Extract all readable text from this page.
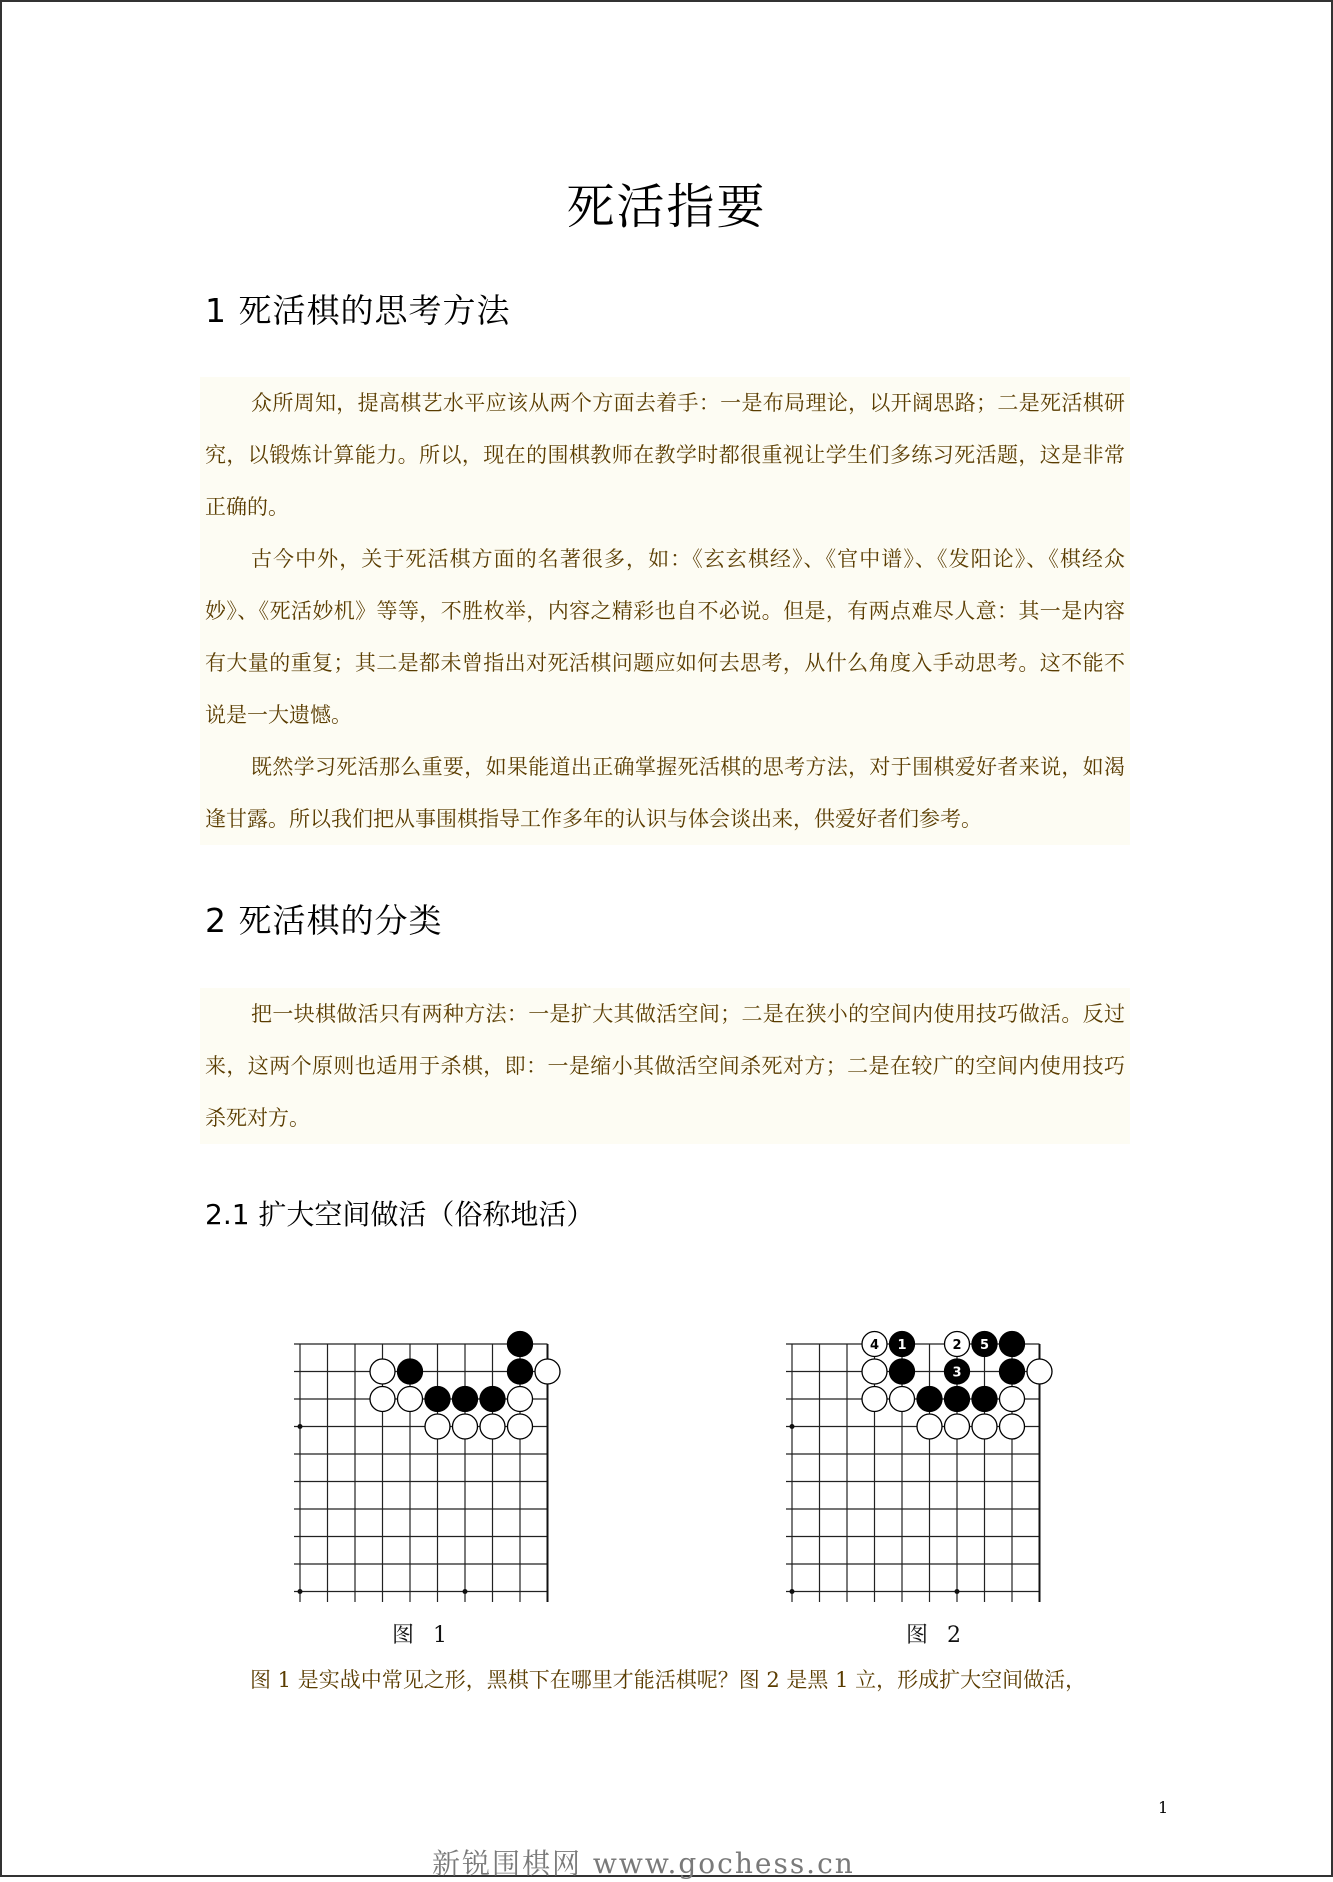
死活指要
1 死活棋的思考方法

众所周知，提高棋艺水平应该从两个方面去着手：一是布局理论，以开阔思路；二是死活棋研究，以锻炼计算能力。所以，现在的围棋教师在教学时都很重视让学生们多练习死活题，这是非常正确的。

古今中外，关于死活棋方面的名著很多，如：《玄玄棋经》、《官中谱》、《发阳论》、《棋经众妙》、《死活妙机》等等，不胜枚举，内容之精彩也自不必说。但是，有两点难尽人意：其一是内容有大量的重复；其二是都未曾指出对死活棋问题应如何去思考，从什么角度入手动思考。这不能不说是一大遗憾。

既然学习死活那么重要，如果能道出正确掌握死活棋的思考方法，对于围棋爱好者来说，如渴逢甘露。所以我们把从事围棋指导工作多年的认识与体会谈出来，供爱好者们参考。

2 死活棋的分类

把一块棋做活只有两种方法：一是扩大其做活空间；二是在狭小的空间内使用技巧做活。反过来，这两个原则也适用于杀棋，即：一是缩小其做活空间杀死对方；二是在较广的空间内使用技巧杀死对方。

2.1 扩大空间做活（俗称地活）
图 1
4	2
1	5
3
图 2
图 1 是实战中常见之形，黑棋下在哪里才能活棋呢？图 2 是黑 1 立，形成扩大空间做活，
1
新锐围棋网 www.gochess.cn
